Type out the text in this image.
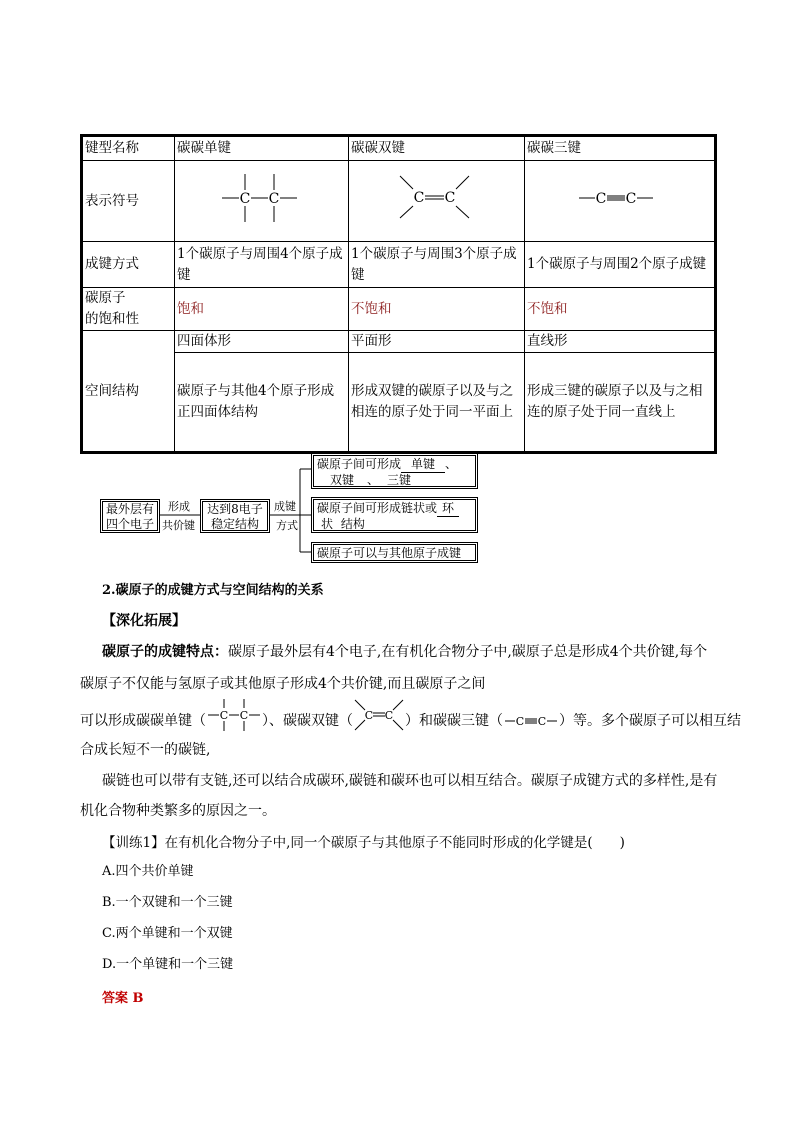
键型名称	碳碳单键	碳碳双键	碳碳三键
表示符号	C C	C C	C C

成键方式	1个碳原子与周围4个原子成键	1个碳原子与周围3个原子成键	1个碳原子与周围2个原子成键

碳原子
的饱和性	饱和	不饱和	不饱和
空间结构	四面体形	平面形	直线形
	碳原子与其他4个原子形成正四面体结构	形成双键的碳原子以及与之相连的原子处于同一平面上	形成三键的碳原子以及与之相连的原子处于同一直线上
最外层有
四个电子
形成
共价键
达到8电子
稳定结构
成键
方式
碳原子间可形成 单键 、
双键 、 三键
碳原子间可形成链状或 环
状 结构
碳原子可以与其他原子成键
2.碳原子的成键方式与空间结构的关系
【深化拓展】
碳原子的成键特点：碳原子最外层有4个电子,在有机化合物分子中,碳原子总是形成4个共价键,每个
碳原子不仅能与氢原子或其他原子形成4个共价键,而且碳原子之间
可以形成碳碳单键（ C C ）、碳碳双键（ C C ）和碳碳三键（ C C ）等。多个碳原子可以相互结
合成长短不一的碳链,
碳链也可以带有支链,还可以结合成碳环,碳链和碳环也可以相互结合。碳原子成键方式的多样性,是有
机化合物种类繁多的原因之一。
【训练1】在有机化合物分子中,同一个碳原子与其他原子不能同时形成的化学键是(　　)
A.四个共价单键
B.一个双键和一个三键
C.两个单键和一个双键
D.一个单键和一个三键
答案 B
